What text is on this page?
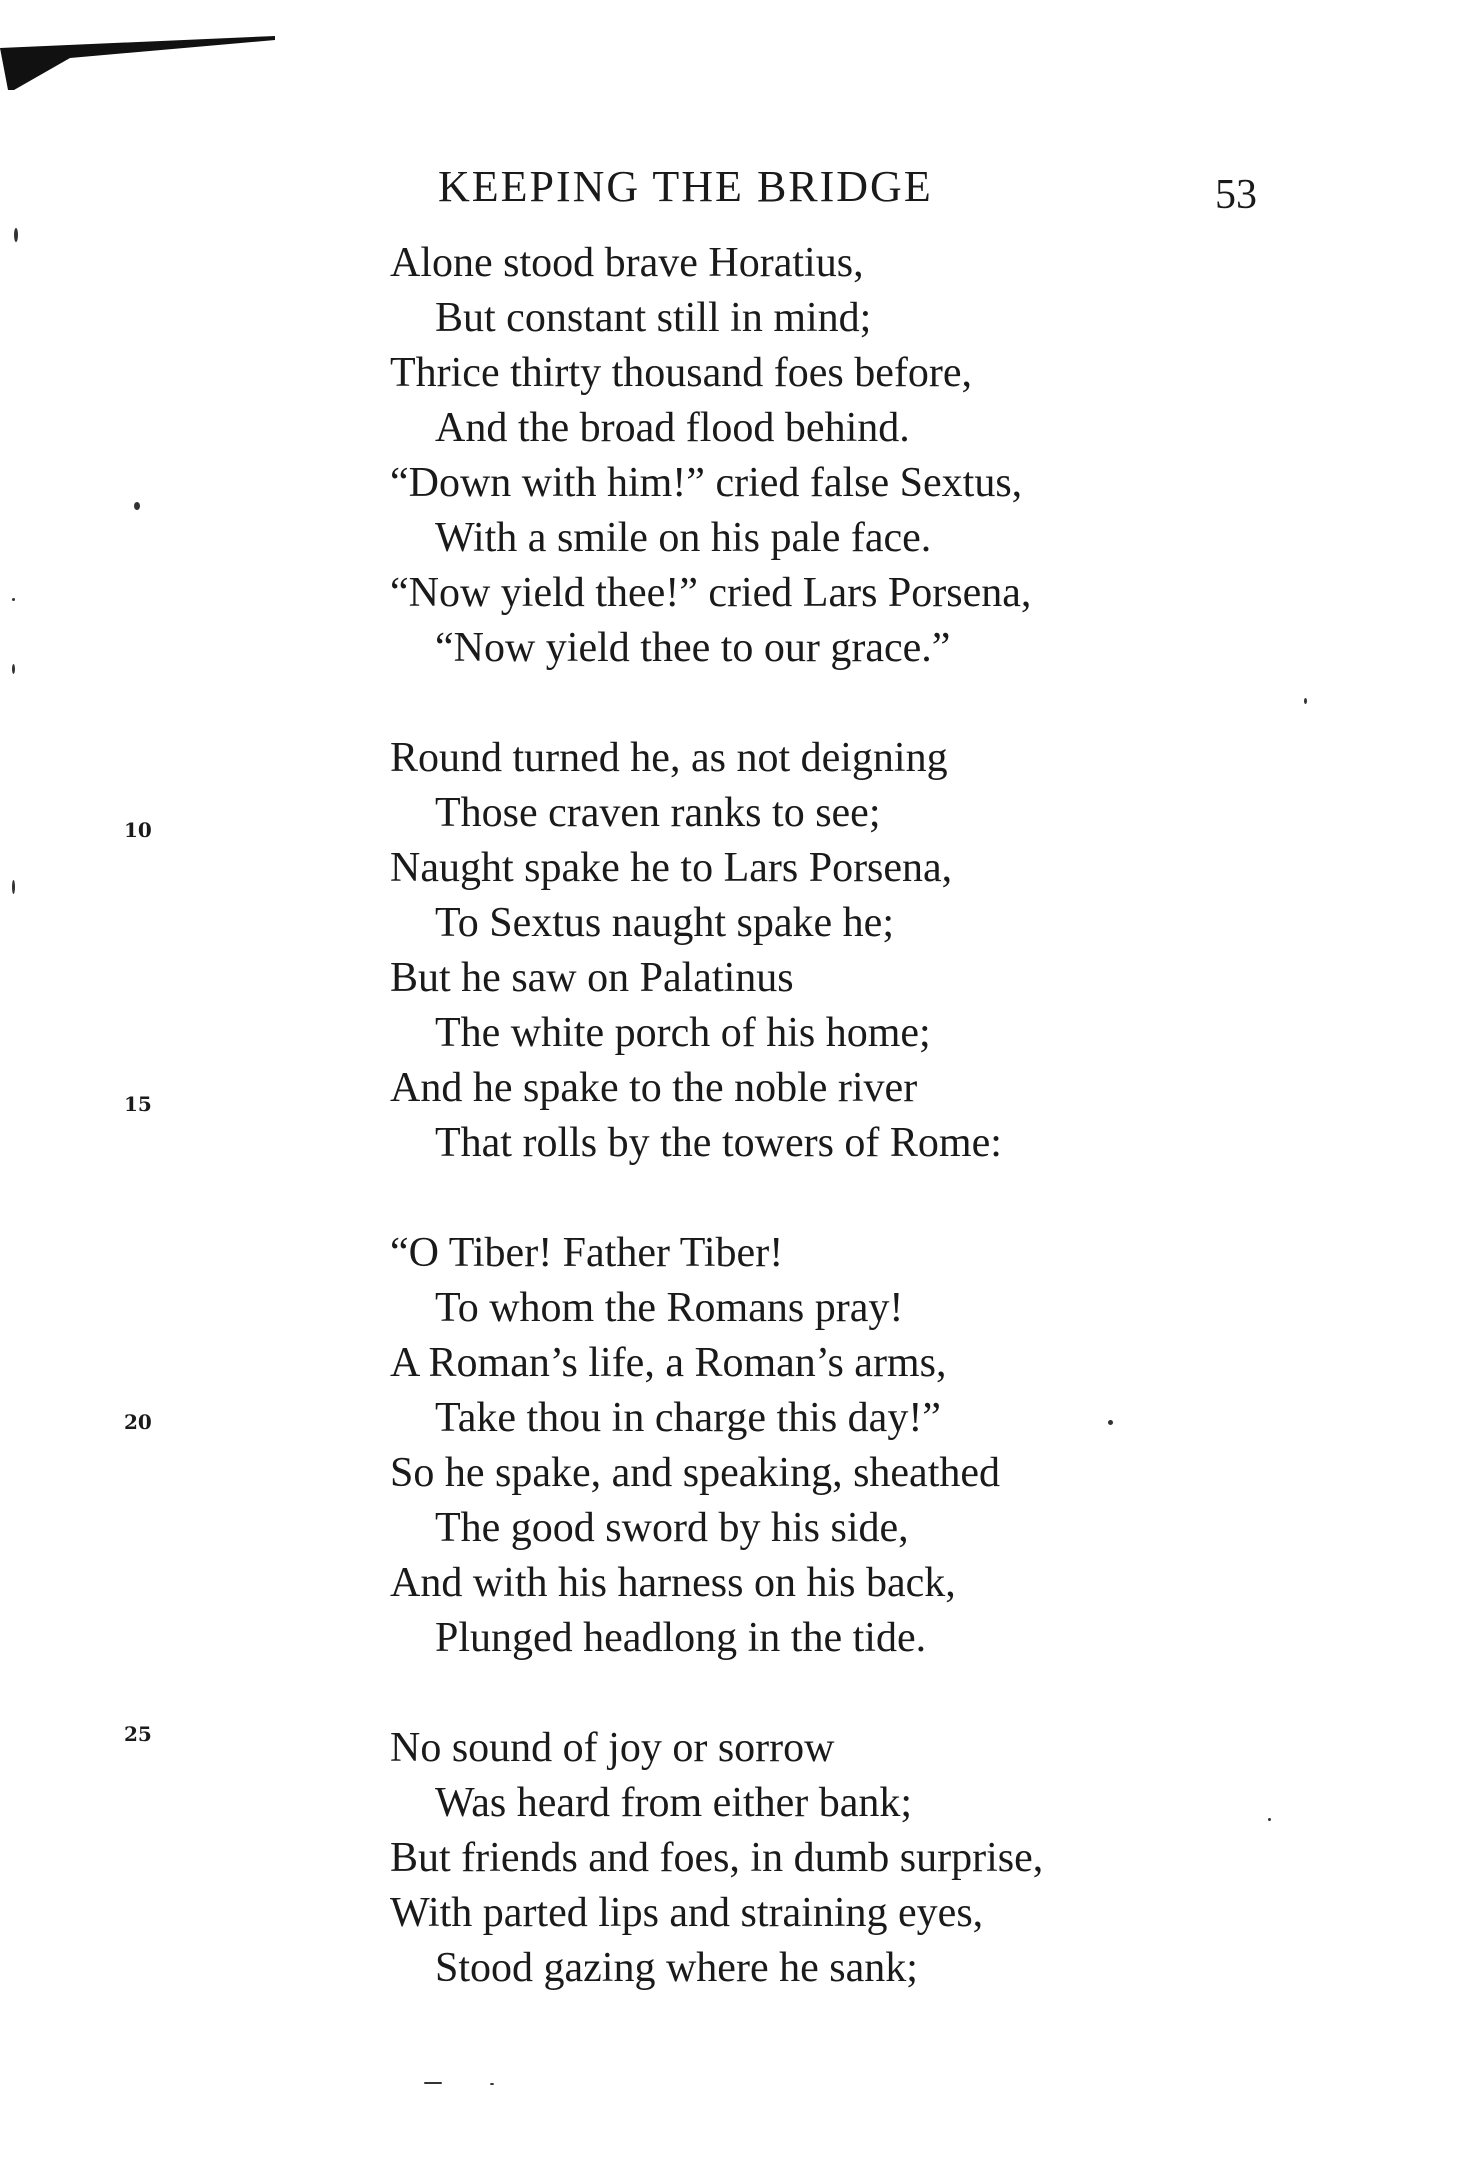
KEEPING THE BRIDGE	53
10
15
20
25
Alone stood brave Horatius,
But constant still in mind;
Thrice thirty thousand foes before,
And the broad flood behind.
“Down with him!” cried false Sextus,
With a smile on his pale face.
“Now yield thee!” cried Lars Porsena,
“Now yield thee to our grace.”
Round turned he, as not deigning
Those craven ranks to see;
Naught spake he to Lars Porsena,
To Sextus naught spake he;
But he saw on Palatinus
The white porch of his home;
And he spake to the noble river
That rolls by the towers of Rome:
“O Tiber! Father Tiber!
To whom the Romans pray!
A Roman’s life, a Roman’s arms,
Take thou in charge this day!”
So he spake, and speaking, sheathed
The good sword by his side,
And with his harness on his back,
Plunged headlong in the tide.
No sound of joy or sorrow
Was heard from either bank;
But friends and foes, in dumb surprise,
With parted lips and straining eyes,
Stood gazing where he sank;
